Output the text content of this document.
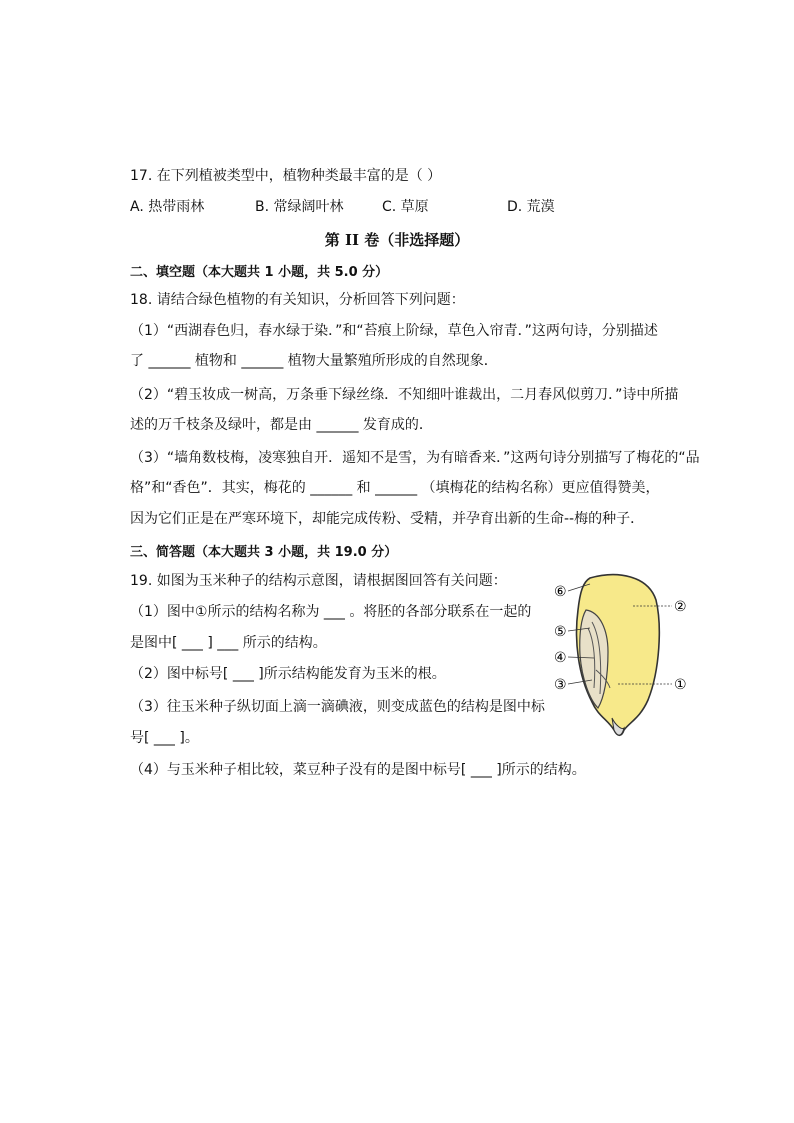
17. 在下列植被类型中，植物种类最丰富的是（ ）
A. 热带雨林	B. 常绿阔叶林	C. 草原	D. 荒漠
第 II 卷（非选择题）
二、填空题（本大题共 1 小题，共 5.0 分）
18. 请结合绿色植物的有关知识，分析回答下列问题：
（1）“西湖春色归，春水绿于染．”和“苔痕上阶绿，草色入帘青．”这两句诗，分别描述
了 ______ 植物和 ______ 植物大量繁殖所形成的自然现象．
（2）“碧玉妆成一树高，万条垂下绿丝绦．不知细叶谁裁出，二月春风似剪刀．”诗中所描
述的万千枝条及绿叶，都是由 ______ 发育成的．
（3）“墙角数枝梅，凌寒独自开．遥知不是雪，为有暗香来．”这两句诗分别描写了梅花的“品
格”和“香色”．其实，梅花的 ______ 和 ______ （填梅花的结构名称）更应值得赞美，
因为它们正是在严寒环境下，却能完成传粉、受精，并孕育出新的生命--梅的种子．
三、简答题（本大题共 3 小题，共 19.0 分）
19. 如图为玉米种子的结构示意图，请根据图回答有关问题：
（1）图中①所示的结构名称为 ___ 。将胚的各部分联系在一起的
是图中[ ___ ] ___ 所示的结构。
（2）图中标号[ ___ ]所示结构能发育为玉米的根。
（3）往玉米种子纵切面上滴一滴碘液，则变成蓝色的结构是图中标
号[ ___ ]。
（4）与玉米种子相比较，菜豆种子没有的是图中标号[ ___ ]所示的结构。
⑥
②
⑤
④
③	①
